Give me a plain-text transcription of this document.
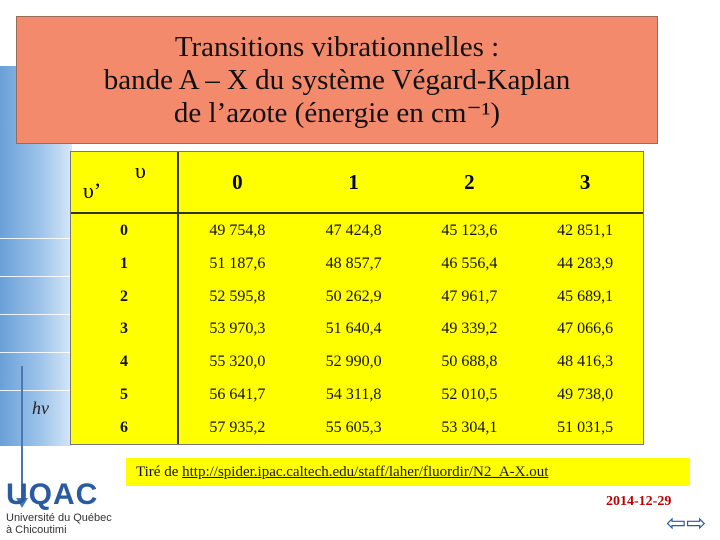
hν
Transitions vibrationnelles :
bande A – X du système Végard-Kaplan
de l’azote (énergie en cm⁻¹)
υ
υ’	0	1	2	3
0	49 754,8	47 424,8	45 123,6	42 851,1
1	51 187,6	48 857,7	46 556,4	44 283,9
2	52 595,8	50 262,9	47 961,7	45 689,1
3	53 970,3	51 640,4	49 339,2	47 066,6
4	55 320,0	52 990,0	50 688,8	48 416,3
5	56 641,7	54 311,8	52 010,5	49 738,0
6	57 935,2	55 605,3	53 304,1	51 031,5
Tiré de http://spider.ipac.caltech.edu/staff/laher/fluordir/N2_A-X.out
UQAC
Université du Québec
à Chicoutimi
2014-12-29
⇦⇨
